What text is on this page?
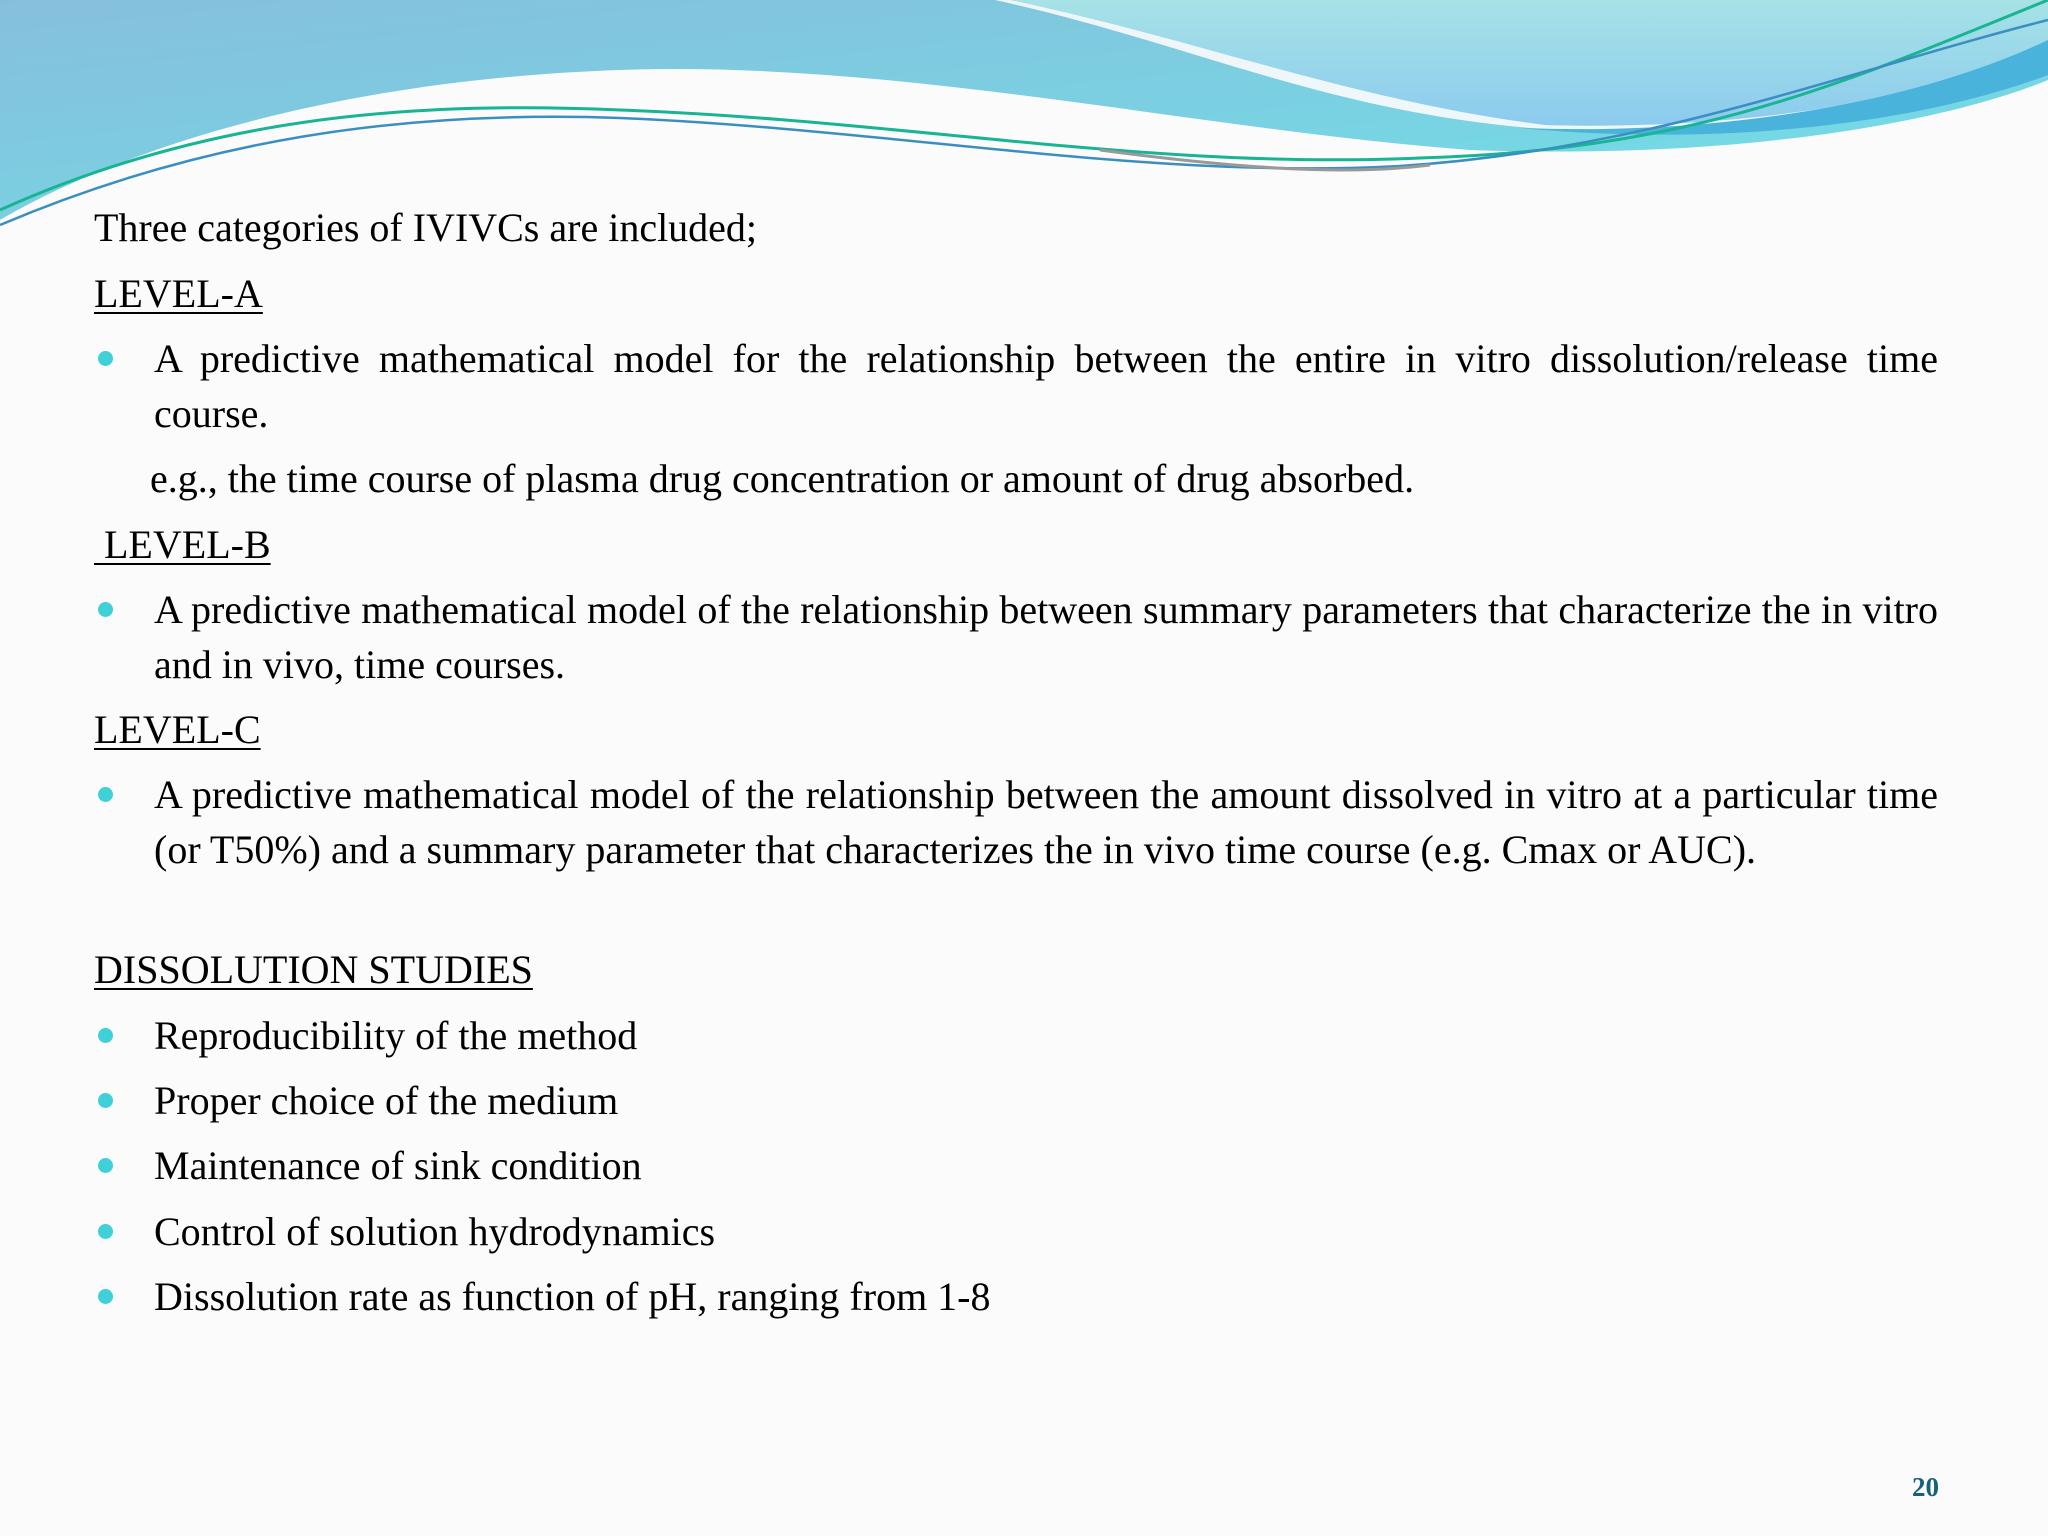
Three categories of IVIVCs are included;
LEVEL-A
A predictive mathematical model for the relationship between the entire in vitro dissolution/release time course.
e.g., the time course of plasma drug concentration or amount of drug absorbed.
LEVEL-B
A predictive mathematical model of the relationship between summary parameters that characterize the in vitro and in vivo, time courses.
LEVEL-C
A predictive mathematical model of the relationship between the amount dissolved in vitro at a particular time (or T50%) and a summary parameter that characterizes the in vivo time course (e.g. Cmax or AUC).
DISSOLUTION STUDIES
Reproducibility of the method
Proper choice of the medium
Maintenance of sink condition
Control of solution hydrodynamics
Dissolution rate as function of pH, ranging from 1-8
20
